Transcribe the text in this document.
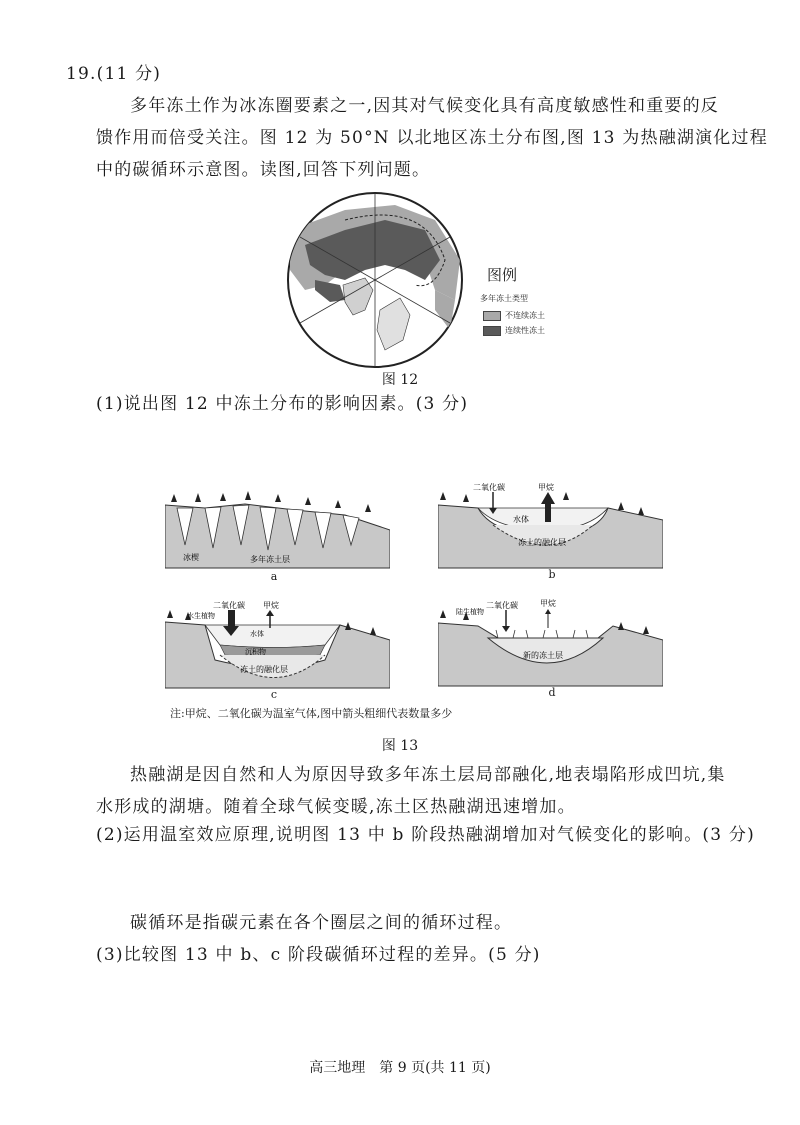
19.(11 分)
多年冻土作为冰冻圈要素之一,因其对气候变化具有高度敏感性和重要的反
馈作用而倍受关注。图 12 为 50°N 以北地区冻土分布图,图 13 为热融湖演化过程
中的碳循环示意图。读图,回答下列问题。
图例
多年冻土类型
不连续冻土
连续性冻土
图 12
(1)说出图 12 中冻土分布的影响因素。(3 分)
冰楔	多年冻土层
a
二氧化碳	甲烷
水体
冻土的融化层
b
二氧化碳 甲烷
水生植物
水体
沉积物
冻土的融化层
c
二氧化碳	甲烷
陆生植物
新的冻土层
d
注:甲烷、二氧化碳为温室气体,图中箭头粗细代表数量多少
图 13
热融湖是因自然和人为原因导致多年冻土层局部融化,地表塌陷形成凹坑,集
水形成的湖塘。随着全球气候变暖,冻土区热融湖迅速增加。
(2)运用温室效应原理,说明图 13 中 b 阶段热融湖增加对气候变化的影响。(3 分)
碳循环是指碳元素在各个圈层之间的循环过程。
(3)比较图 13 中 b、c 阶段碳循环过程的差异。(5 分)
高三地理　第 9 页(共 11 页)
